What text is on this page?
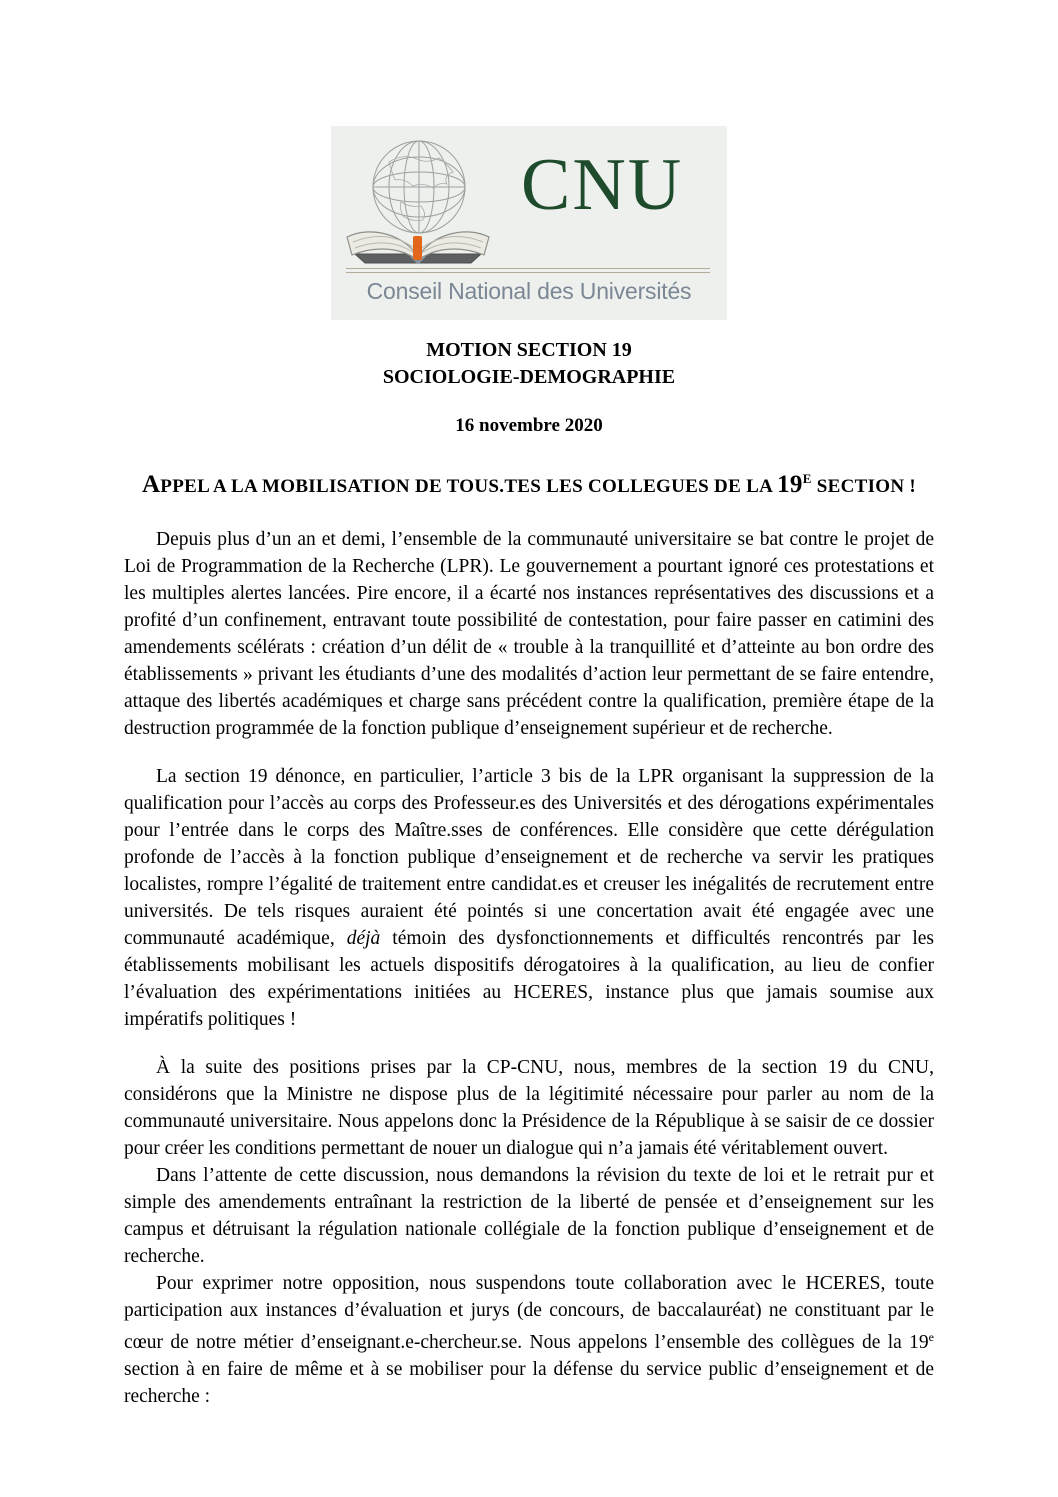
CNU
Conseil National des Universités
MOTION SECTION 19
SOCIOLOGIE-DEMOGRAPHIE
16 novembre 2020
APPEL A LA MOBILISATION DE TOUS.TES LES COLLEGUES DE LA $19^E$ SECTION !

Depuis plus d’un an et demi, l’ensemble de la communauté universitaire se bat contre le projet de Loi de Programmation de la Recherche (LPR). Le gouvernement a pourtant ignoré ces protestations et les multiples alertes lancées. Pire encore, il a écarté nos instances représentatives des discussions et a profité d’un confinement, entravant toute possibilité de contestation, pour faire passer en catimini des amendements scélérats : création d’un délit de « trouble à la tranquillité et d’atteinte au bon ordre des établissements » privant les étudiants d’une des modalités d’action leur permettant de se faire entendre, attaque des libertés académiques et charge sans précédent contre la qualification, première étape de la destruction programmée de la fonction publique d’enseignement supérieur et de recherche.

La section 19 dénonce, en particulier, l’article 3 bis de la LPR organisant la suppression de la qualification pour l’accès au corps des Professeur.es des Universités et des dérogations expérimentales pour l’entrée dans le corps des Maître.sses de conférences. Elle considère que cette dérégulation profonde de l’accès à la fonction publique d’enseignement et de recherche va servir les pratiques localistes, rompre l’égalité de traitement entre candidat.es et creuser les inégalités de recrutement entre universités. De tels risques auraient été pointés si une concertation avait été engagée avec une communauté académique, déjà témoin des dysfonctionnements et difficultés rencontrés par les établissements mobilisant les actuels dispositifs dérogatoires à la qualification, au lieu de confier l’évaluation des expérimentations initiées au HCERES, instance plus que jamais soumise aux impératifs politiques !

À la suite des positions prises par la CP-CNU, nous, membres de la section 19 du CNU, considérons que la Ministre ne dispose plus de la légitimité nécessaire pour parler au nom de la communauté universitaire. Nous appelons donc la Présidence de la République à se saisir de ce dossier pour créer les conditions permettant de nouer un dialogue qui n’a jamais été véritablement ouvert.

Dans l’attente de cette discussion, nous demandons la révision du texte de loi et le retrait pur et simple des amendements entraînant la restriction de la liberté de pensée et d’enseignement sur les campus et détruisant la régulation nationale collégiale de la fonction publique d’enseignement et de recherche.

Pour exprimer notre opposition, nous suspendons toute collaboration avec le HCERES, toute participation aux instances d’évaluation et jurys (de concours, de baccalauréat) ne constituant par le cœur de notre métier d’enseignant.e-chercheur.se. Nous appelons l’ensemble des collègues de la 19e section à en faire de même et à se mobiliser pour la défense du service public d’enseignement et de recherche :
